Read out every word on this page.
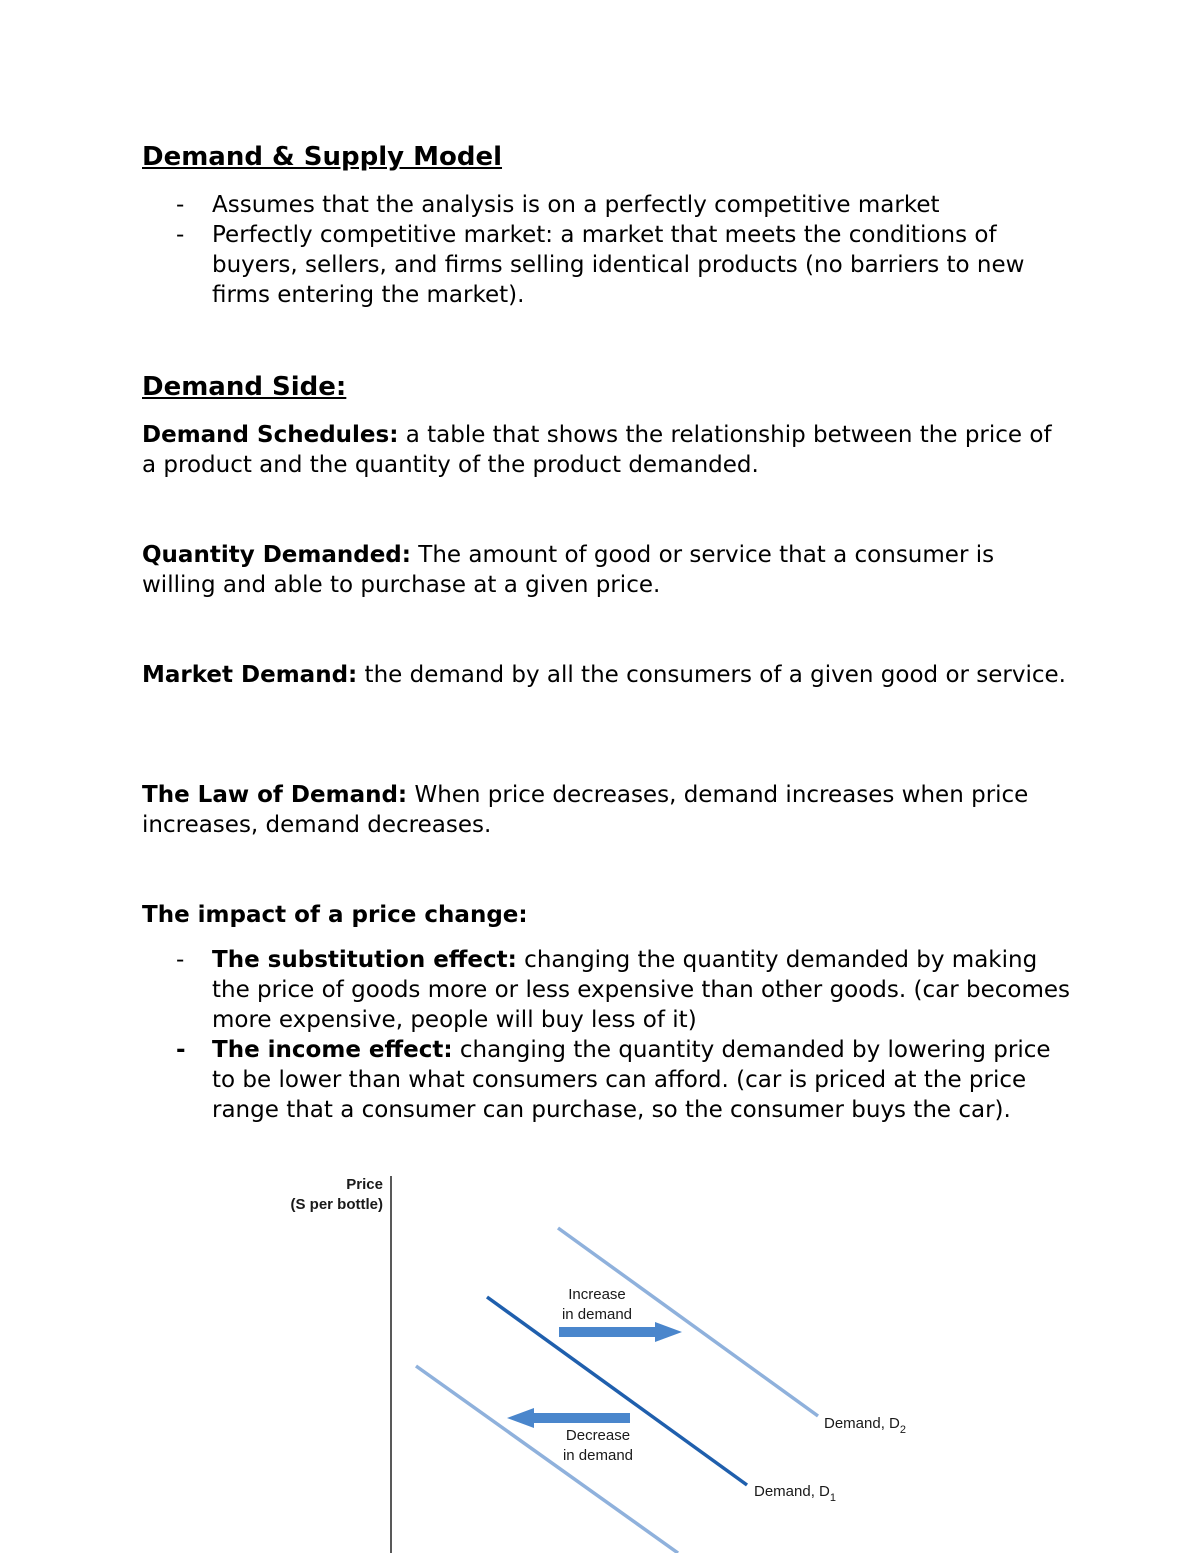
Demand & Supply Model
- Assumes that the analysis is on a perfectly competitive market
- Perfectly competitive market: a market that meets the conditions of buyers, sellers, and firms selling identical products (no barriers to new firms entering the market).
Demand Side:

Demand Schedules: a table that shows the relationship between the price of a product and the quantity of the product demanded.

Quantity Demanded: The amount of good or service that a consumer is willing and able to purchase at a given price.

Market Demand: the demand by all the consumers of a given good or service.

The Law of Demand: When price decreases, demand increases when price increases, demand decreases.

The impact of a price change:

- The substitution effect: changing the quantity demanded by making the price of goods more or less expensive than other goods. (car becomes more expensive, people will buy less of it)
- The income effect: changing the quantity demanded by lowering price to be lower than what consumers can afford. (car is priced at the price range that a consumer can purchase, so the consumer buys the car).
Price
(S per bottle)
Increase
in demand
Decrease
in demand
Demand, $D_2$
Demand, $D_1$
